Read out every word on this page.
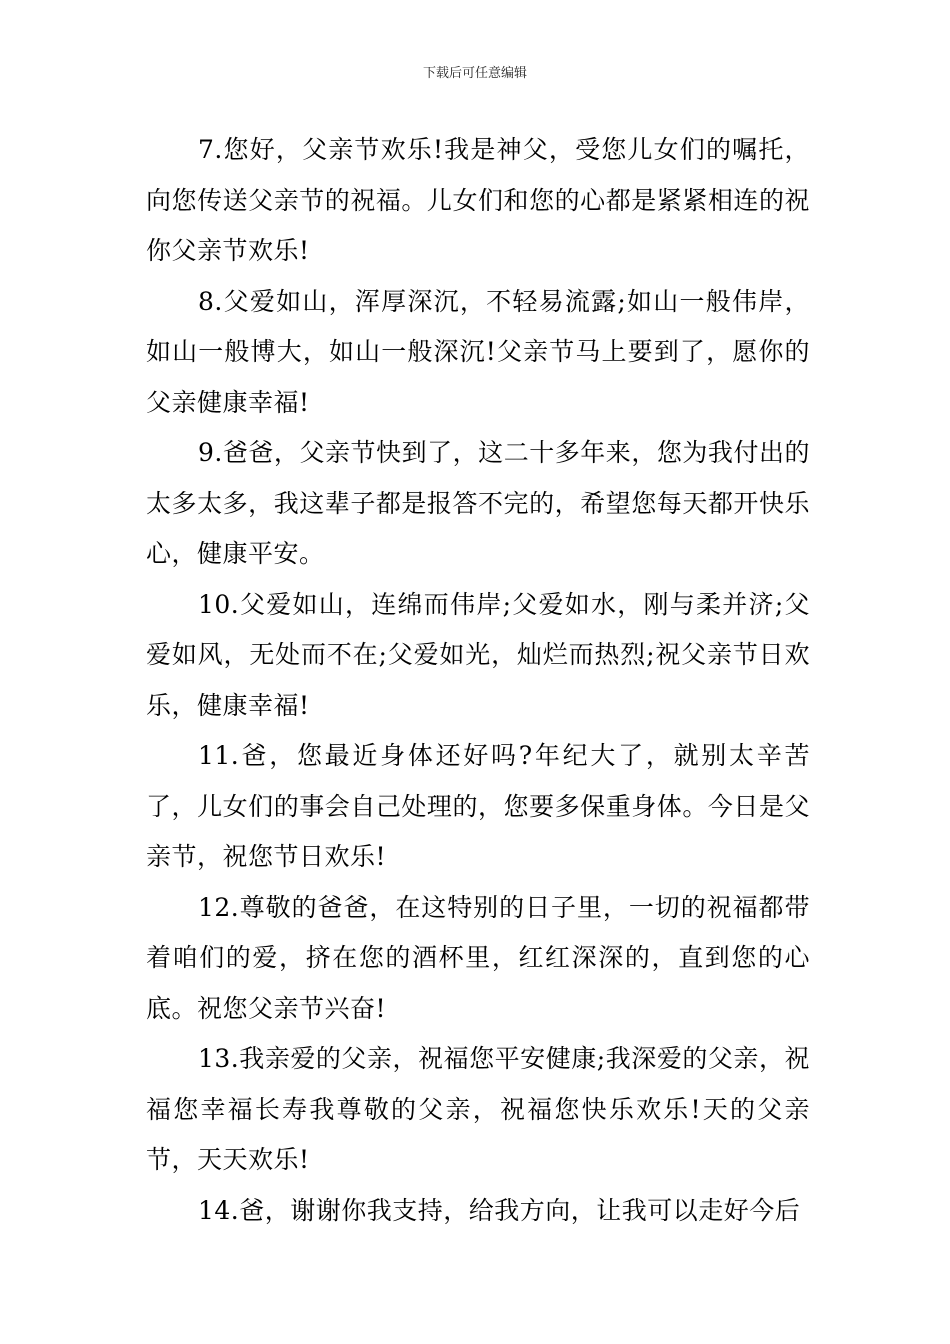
下载后可任意编辑

7.您好，父亲节欢乐!我是神父，受您儿女们的嘱托，向您传送父亲节的祝福。儿女们和您的心都是紧紧相连的祝你父亲节欢乐!

8.父爱如山，浑厚深沉，不轻易流露;如山一般伟岸，如山一般博大，如山一般深沉!父亲节马上要到了，愿你的父亲健康幸福!

9.爸爸，父亲节快到了，这二十多年来，您为我付出的太多太多，我这辈子都是报答不完的，希望您每天都开快乐心，健康平安。

10.父爱如山，连绵而伟岸;父爱如水，刚与柔并济;父爱如风，无处而不在;父爱如光，灿烂而热烈;祝父亲节日欢乐，健康幸福!

11.爸，您最近身体还好吗?年纪大了，就别太辛苦了，儿女们的事会自己处理的，您要多保重身体。今日是父亲节，祝您节日欢乐!

12.尊敬的爸爸，在这特别的日子里，一切的祝福都带着咱们的爱，挤在您的酒杯里，红红深深的，直到您的心底。祝您父亲节兴奋!

13.我亲爱的父亲，祝福您平安健康;我深爱的父亲，祝福您幸福长寿我尊敬的父亲，祝福您快乐欢乐!天的父亲节，天天欢乐!

14.爸，谢谢你我支持，给我方向，让我可以走好今后
